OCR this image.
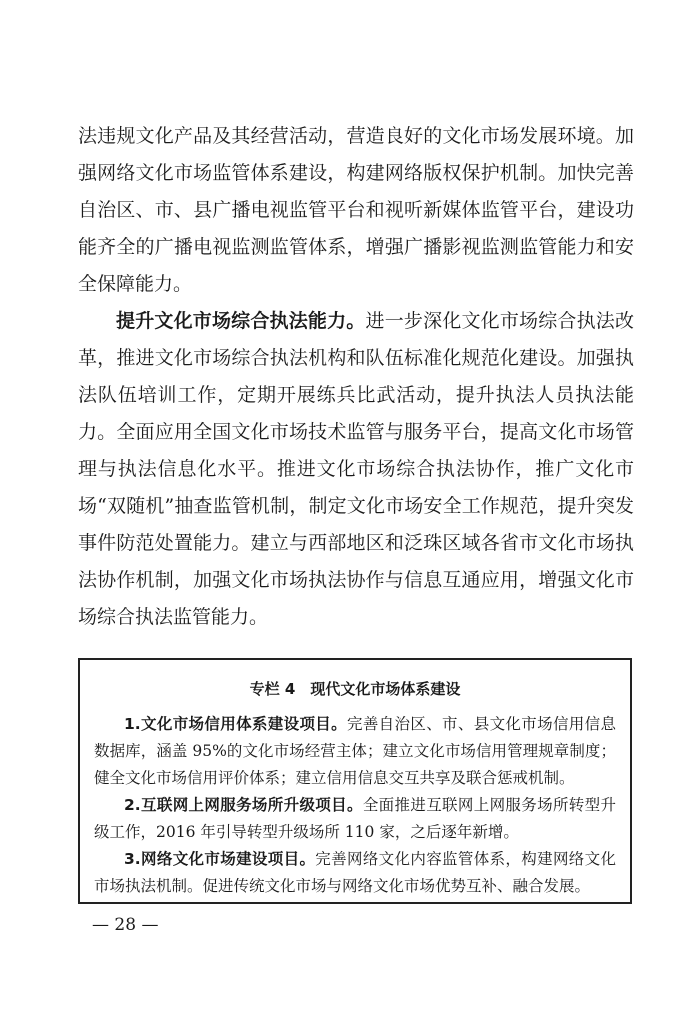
法违规文化产品及其经营活动，营造良好的文化市场发展环境。加强网络文化市场监管体系建设，构建网络版权保护机制。加快完善自治区、市、县广播电视监管平台和视听新媒体监管平台，建设功能齐全的广播电视监测监管体系，增强广播影视监测监管能力和安全保障能力。

提升文化市场综合执法能力。进一步深化文化市场综合执法改革，推进文化市场综合执法机构和队伍标准化规范化建设。加强执法队伍培训工作，定期开展练兵比武活动，提升执法人员执法能力。全面应用全国文化市场技术监管与服务平台，提高文化市场管理与执法信息化水平。推进文化市场综合执法协作，推广文化市场“双随机”抽查监管机制，制定文化市场安全工作规范，提升突发事件防范处置能力。建立与西部地区和泛珠区域各省市文化市场执法协作机制，加强文化市场执法协作与信息互通应用，增强文化市场综合执法监管能力。

专栏 4　现代文化市场体系建设

1.文化市场信用体系建设项目。完善自治区、市、县文化市场信用信息数据库，涵盖 95%的文化市场经营主体；建立文化市场信用管理规章制度；健全文化市场信用评价体系；建立信用信息交互共享及联合惩戒机制。

2.互联网上网服务场所升级项目。全面推进互联网上网服务场所转型升级工作，2016 年引导转型升级场所 110 家，之后逐年新增。

3.网络文化市场建设项目。完善网络文化内容监管体系，构建网络文化市场执法机制。促进传统文化市场与网络文化市场优势互补、融合发展。

— 28 —
